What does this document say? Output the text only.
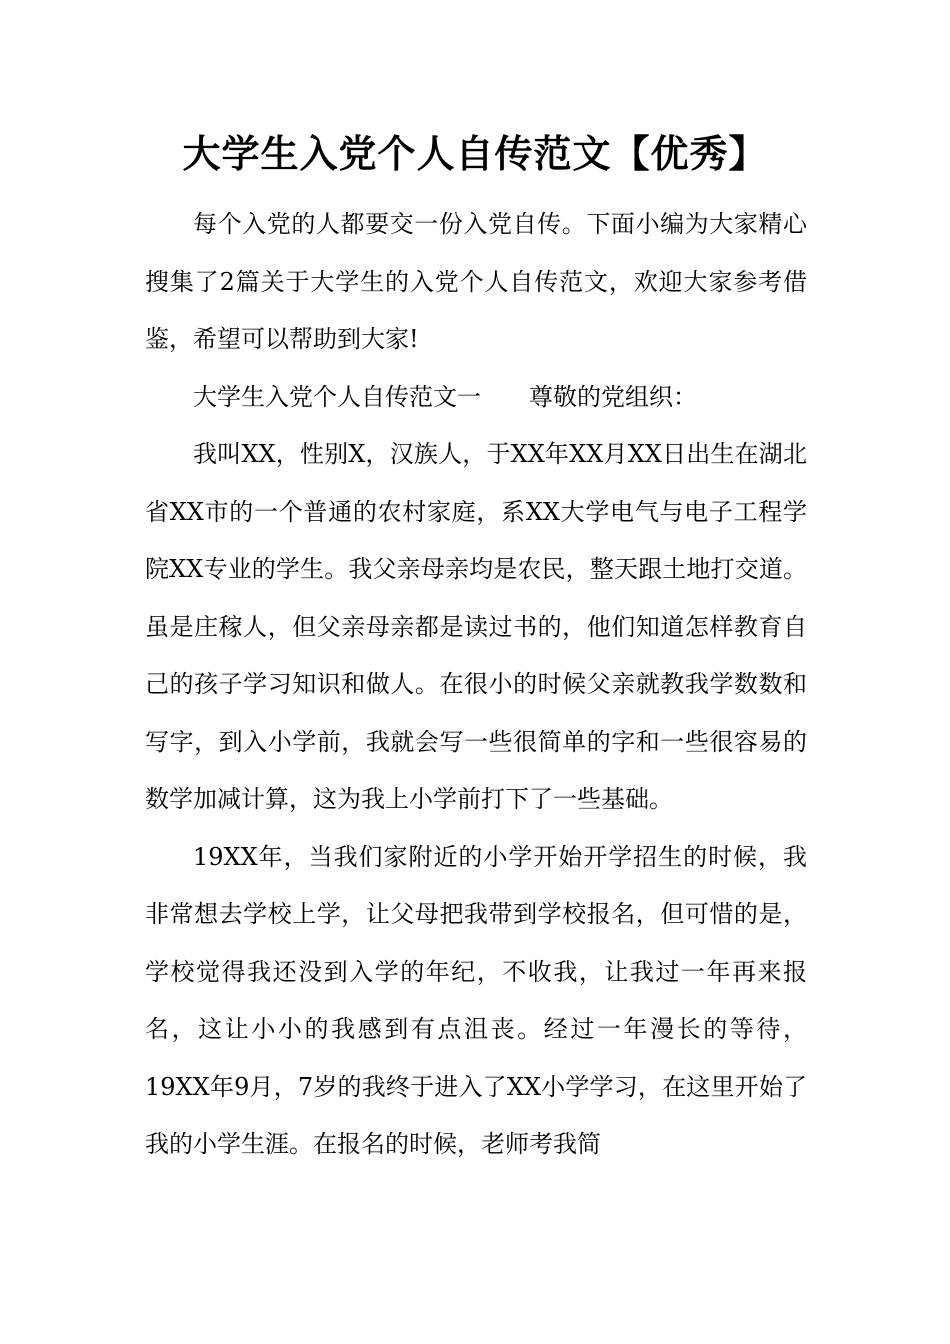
大学生入党个人自传范文【优秀】

每个入党的人都要交一份入党自传。下面小编为大家精心搜集了2篇关于大学生的入党个人自传范文，欢迎大家参考借鉴，希望可以帮助到大家!

大学生入党个人自传范文一 尊敬的党组织：

我叫XX，性别X，汉族人，于XX年XX月XX日出生在湖北省XX市的一个普通的农村家庭，系XX大学电气与电子工程学院XX专业的学生。我父亲母亲均是农民，整天跟土地打交道。虽是庄稼人，但父亲母亲都是读过书的，他们知道怎样教育自己的孩子学习知识和做人。在很小的时候父亲就教我学数数和写字，到入小学前，我就会写一些很简单的字和一些很容易的数学加减计算，这为我上小学前打下了一些基础。

19XX年，当我们家附近的小学开始开学招生的时候，我非常想去学校上学，让父母把我带到学校报名，但可惜的是，学校觉得我还没到入学的年纪，不收我，让我过一年再来报名，这让小小的我感到有点沮丧。经过一年漫长的等待，19XX年9月，7岁的我终于进入了XX小学学习，在这里开始了我的小学生涯。在报名的时候，老师考我简
